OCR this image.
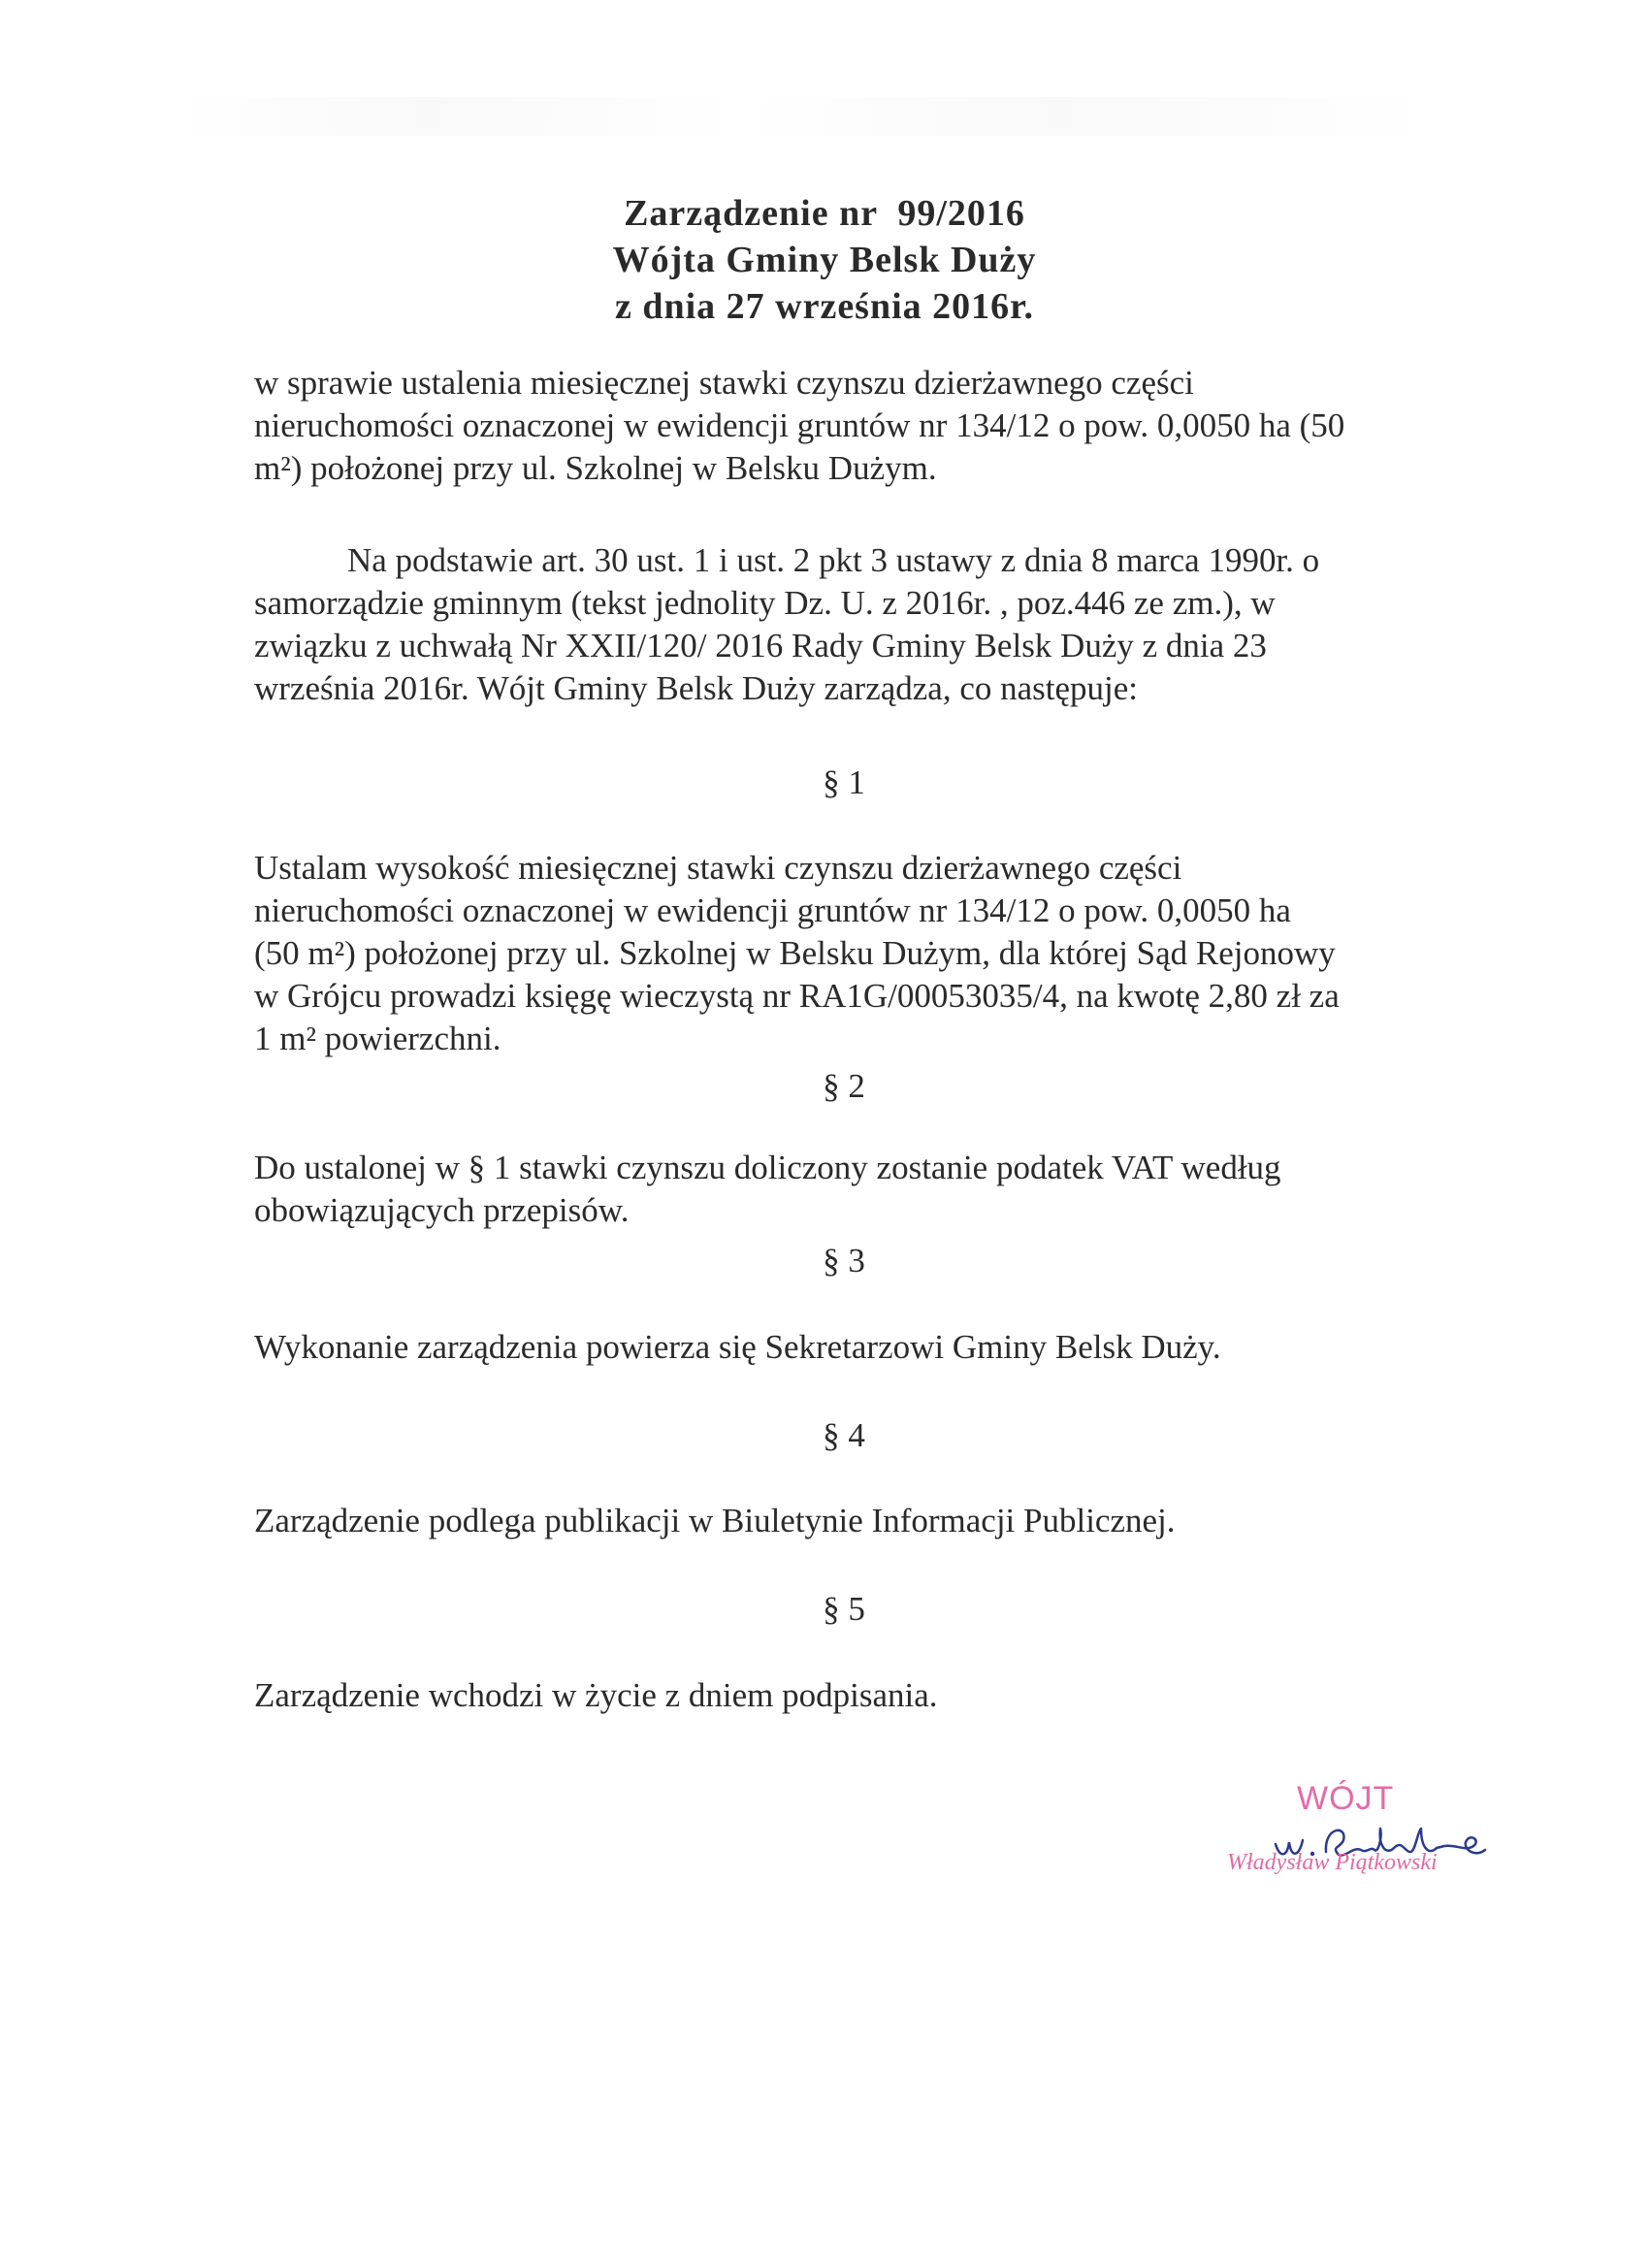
Zarządzenie nr  99/2016
Wójta Gminy Belsk Duży
z dnia 27 września 2016r.
w sprawie ustalenia miesięcznej stawki czynszu dzierżawnego części
nieruchomości oznaczonej w ewidencji gruntów nr 134/12 o pow. 0,0050 ha (50
m²) położonej przy ul. Szkolnej w Belsku Dużym.
Na podstawie art. 30 ust. 1 i ust. 2 pkt 3 ustawy z dnia 8 marca 1990r. o
samorządzie gminnym (tekst jednolity Dz. U. z 2016r. , poz.446 ze zm.), w
związku z uchwałą Nr XXII/120/ 2016 Rady Gminy Belsk Duży z dnia 23
września 2016r. Wójt Gminy Belsk Duży zarządza, co następuje:
§ 1
Ustalam wysokość miesięcznej stawki czynszu dzierżawnego części
nieruchomości oznaczonej w ewidencji gruntów nr 134/12 o pow. 0,0050 ha
(50 m²) położonej przy ul. Szkolnej w Belsku Dużym, dla której Sąd Rejonowy
w Grójcu prowadzi księgę wieczystą nr RA1G/00053035/4, na kwotę 2,80 zł za
1 m² powierzchni.
§ 2
Do ustalonej w § 1 stawki czynszu doliczony zostanie podatek VAT według
obowiązujących przepisów.
§ 3
Wykonanie zarządzenia powierza się Sekretarzowi Gminy Belsk Duży.
§ 4
Zarządzenie podlega publikacji w Biuletynie Informacji Publicznej.
§ 5
Zarządzenie wchodzi w życie z dniem podpisania.
WÓJT
Władysław Piątkowski
